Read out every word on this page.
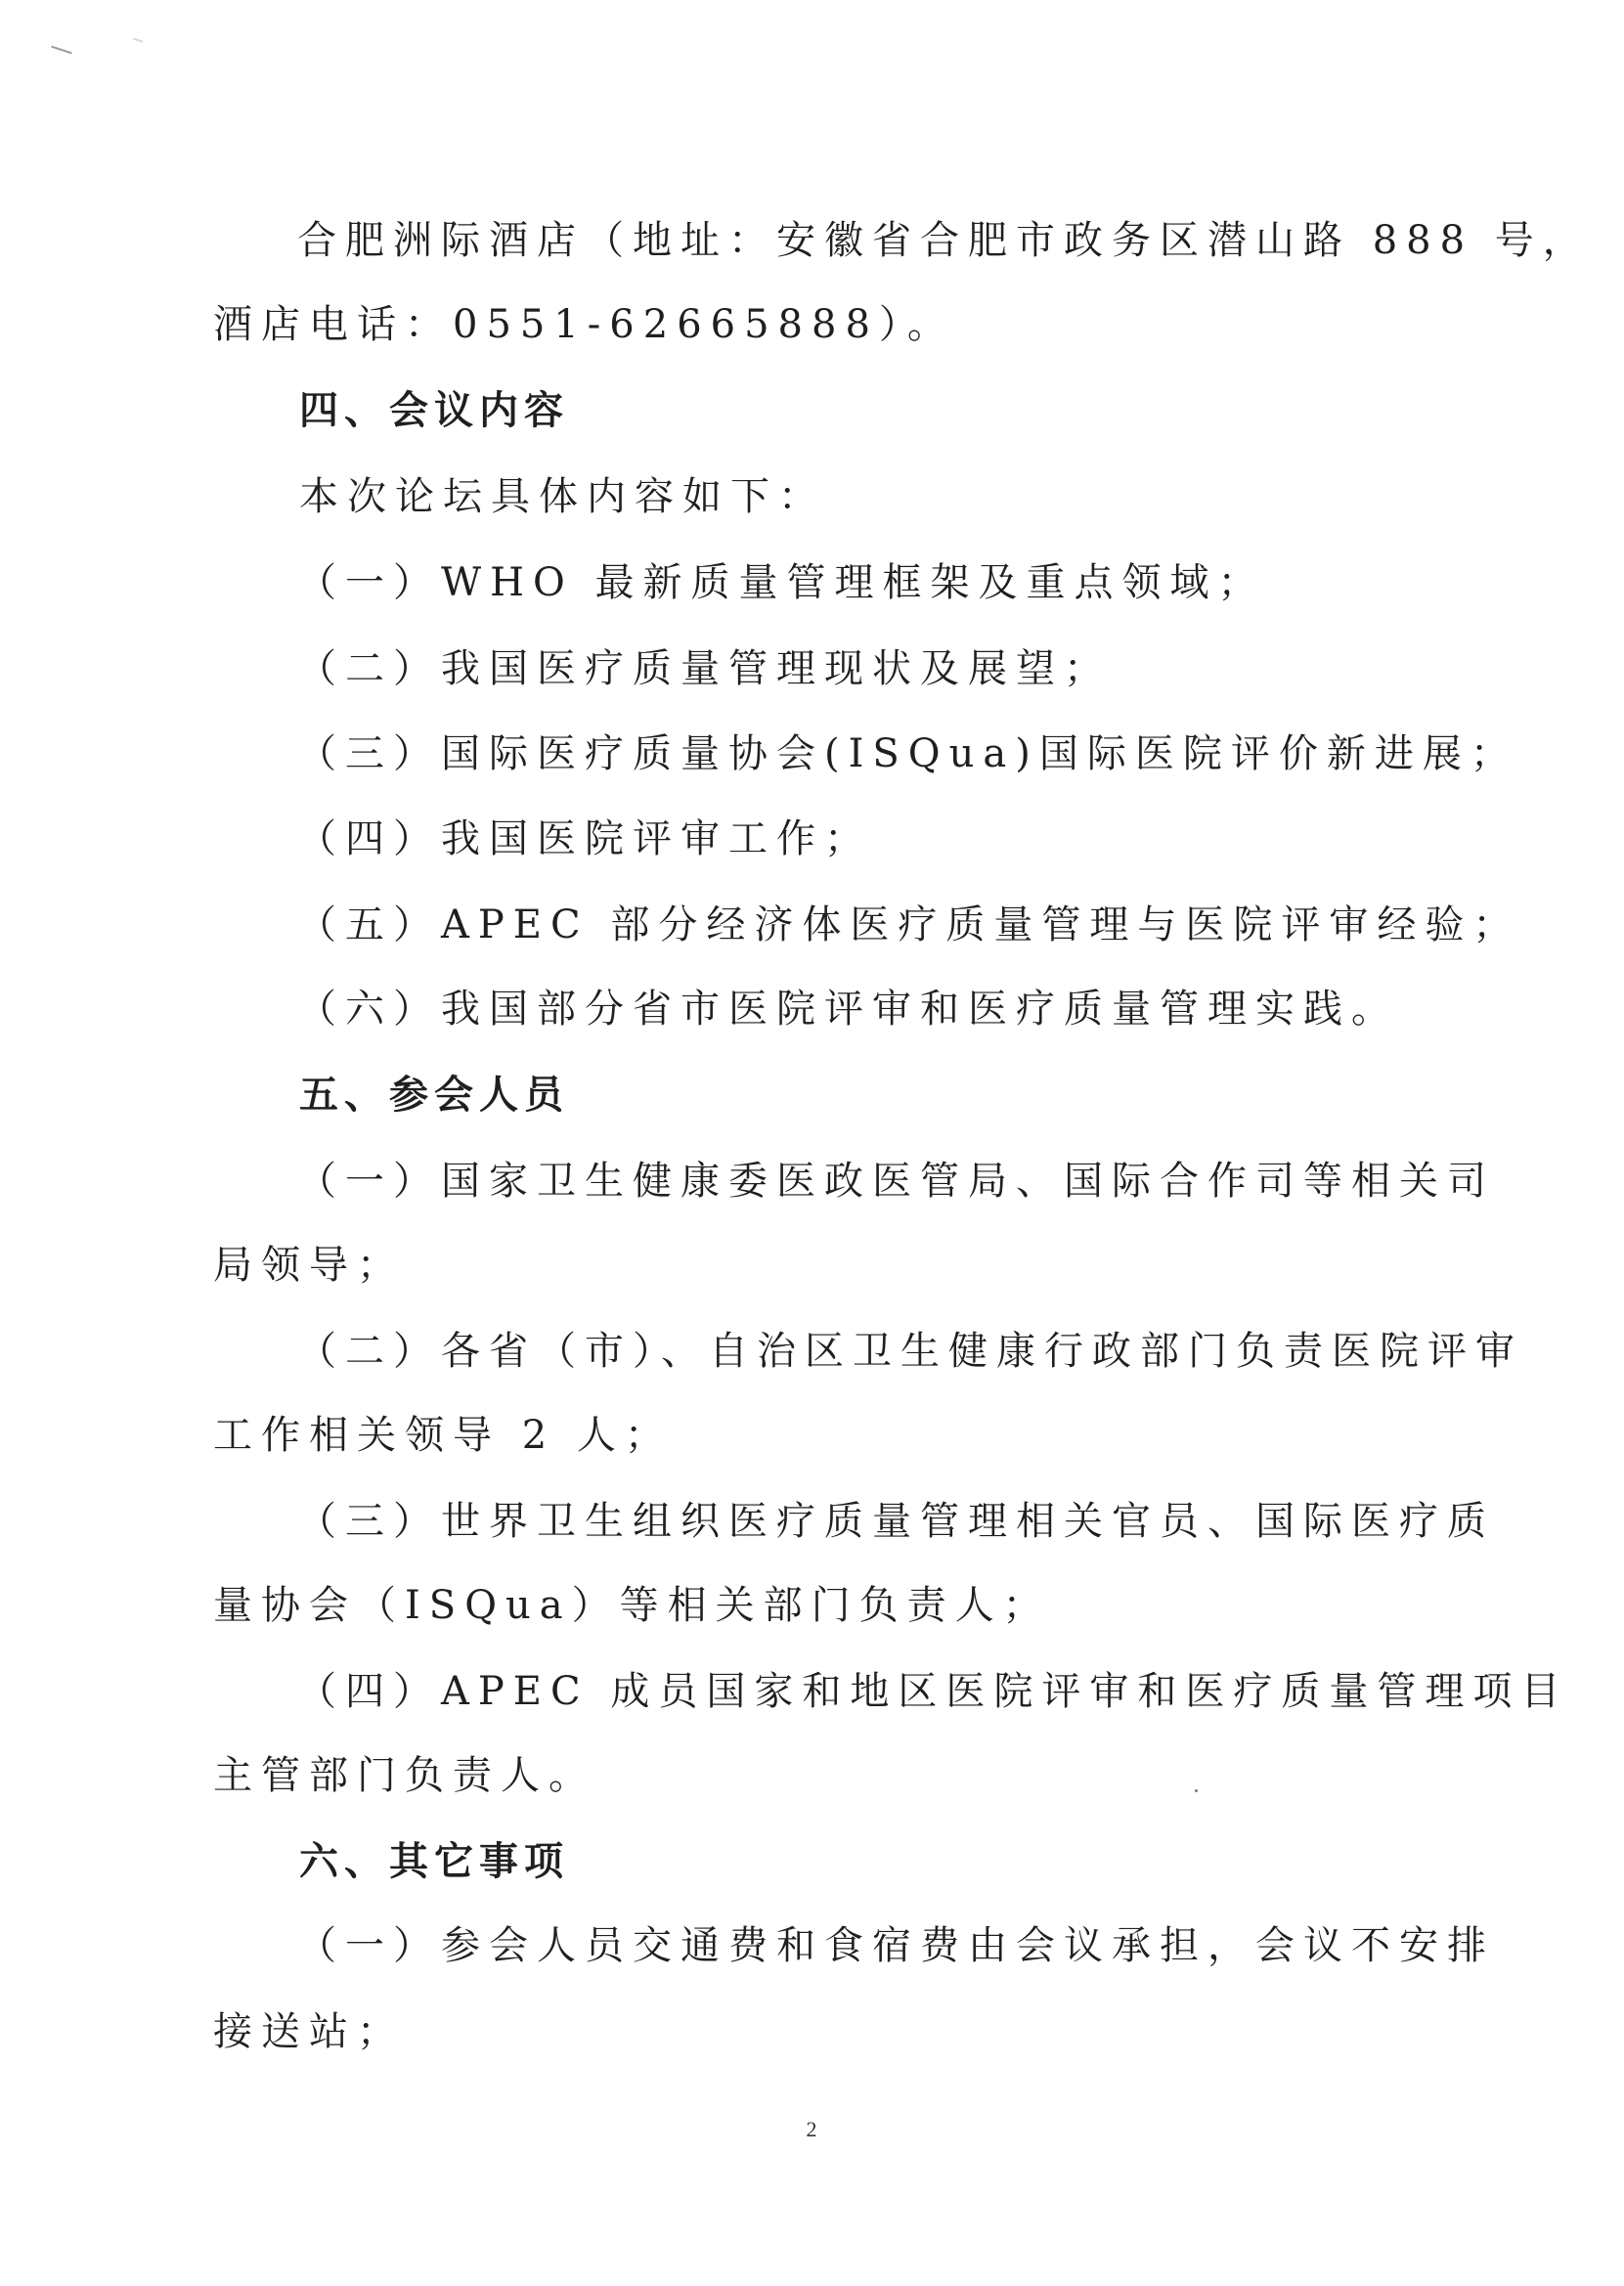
合肥洲际酒店（地址：安徽省合肥市政务区潜山路 888 号，
酒店电话：0551-62665888）。
四、会议内容
本次论坛具体内容如下：
（一）WHO 最新质量管理框架及重点领域；
（二）我国医疗质量管理现状及展望；
（三）国际医疗质量协会(ISQua)国际医院评价新进展；
（四）我国医院评审工作；
（五）APEC 部分经济体医疗质量管理与医院评审经验；
（六）我国部分省市医院评审和医疗质量管理实践。
五、参会人员
（一）国家卫生健康委医政医管局、国际合作司等相关司
局领导；
（二）各省（市）、自治区卫生健康行政部门负责医院评审
工作相关领导 2 人；
（三）世界卫生组织医疗质量管理相关官员、国际医疗质
量协会（ISQua）等相关部门负责人；
（四）APEC 成员国家和地区医院评审和医疗质量管理项目
主管部门负责人。
六、其它事项
（一）参会人员交通费和食宿费由会议承担，会议不安排
接送站；
2
